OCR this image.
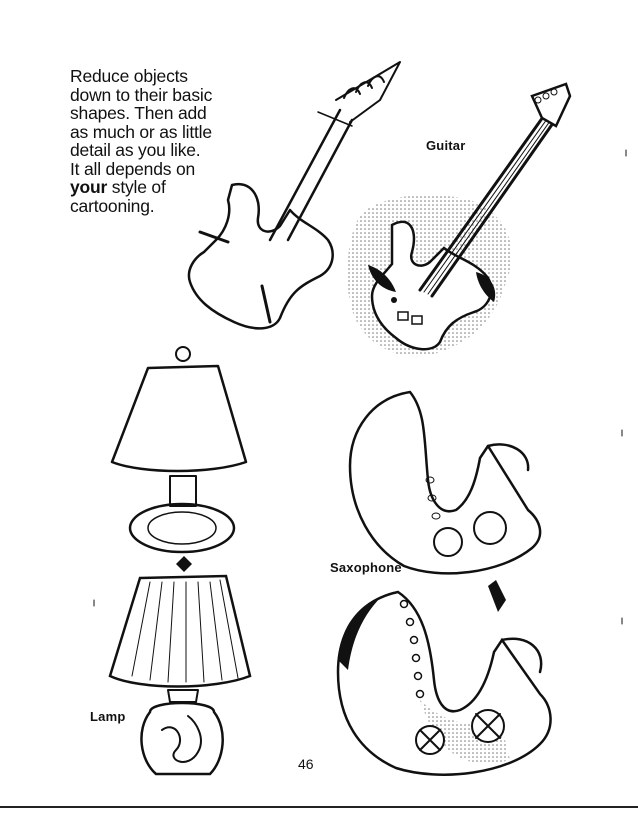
Reduce objects
down to their basic
shapes. Then add
as much or as little
detail as you like.
It all depends on
your style of
cartooning.
Guitar
Saxophone
Lamp
46
